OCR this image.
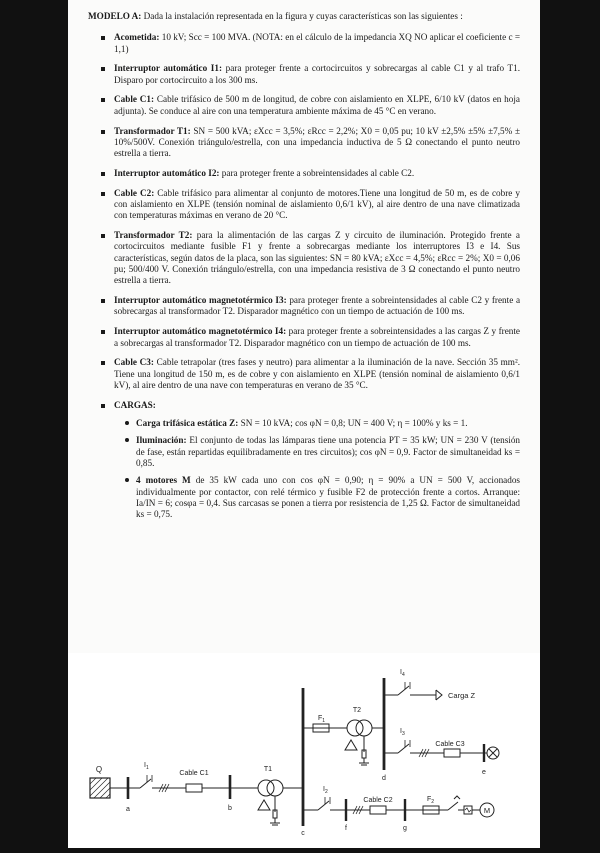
MODELO A: Dada la instalación representada en la figura y cuyas características son las siguientes :

Acometida: 10 kV; Scc = 100 MVA. (NOTA: en el cálculo de la impedancia XQ NO aplicar el coeficiente c = 1,1)
Interruptor automático I1: para proteger frente a cortocircuitos y sobrecargas al cable C1 y al trafo T1. Disparo por cortocircuito a los 300 ms.
Cable C1: Cable trifásico de 500 m de longitud, de cobre con aislamiento en XLPE, 6/10 kV (datos en hoja adjunta). Se conduce al aire con una temperatura ambiente máxima de 45 °C en verano.
Transformador T1: SN = 500 kVA; εXcc = 3,5%; εRcc = 2,2%; X0 = 0,05 pu; 10 kV ±2,5% ±5% ±7,5% ± 10%/500V. Conexión triángulo/estrella, con una impedancia inductiva de 5 Ω conectando el punto neutro estrella a tierra.
Interruptor automático I2: para proteger frente a sobreintensidades al cable C2.
Cable C2: Cable trifásico para alimentar al conjunto de motores.Tiene una longitud de 50 m, es de cobre y con aislamiento en XLPE (tensión nominal de aislamiento 0,6/1 kV), al aire dentro de una nave climatizada con temperaturas máximas en verano de 20 °C.
Transformador T2: para la alimentación de las cargas Z y circuito de iluminación. Protegido frente a cortocircuitos mediante fusible F1 y frente a sobrecargas mediante los interruptores I3 e I4. Sus características, según datos de la placa, son las siguientes: SN = 80 kVA; εXcc = 4,5%; εRcc = 2%; X0 = 0,06 pu; 500/400 V. Conexión triángulo/estrella, con una impedancia resistiva de 3 Ω conectando el punto neutro estrella a tierra.
Interruptor automático magnetotérmico I3: para proteger frente a sobreintensidades al cable C2 y frente a sobrecargas al transformador T2. Disparador magnético con un tiempo de actuación de 100 ms.
Interruptor automático magnetotérmico I4: para proteger frente a sobreintensidades a las cargas Z y frente a sobrecargas al transformador T2. Disparador magnético con un tiempo de actuación de 100 ms.
Cable C3: Cable tetrapolar (tres fases y neutro) para alimentar a la iluminación de la nave. Sección 35 mm². Tiene una longitud de 150 m, es de cobre y con aislamiento en XLPE (tensión nominal de aislamiento 0,6/1 kV), al aire dentro de una nave con temperaturas en verano de 35 °C.
CARGAS:
Carga trifásica estática Z: SN = 10 kVA; cos φN = 0,8; UN = 400 V; η = 100% y ks = 1.
Iluminación: El conjunto de todas las lámparas tiene una potencia PT = 35 kW; UN = 230 V (tensión de fase, están repartidas equilibradamente en tres circuitos); cos φN = 0,9. Factor de simultaneidad ks = 0,85.
4 motores M de 35 kW cada uno con cos φN = 0,90; η = 90% a UN = 500 V, accionados individualmente por contactor, con relé térmico y fusible F2 de protección frente a cortos. Arranque: Ia/IN = 6; cosφa = 0,4. Sus carcasas se ponen a tierra por resistencia de 1,25 Ω. Factor de simultaneidad ks = 0,75.
Q
a
$I_1$
Cable C1
b
T1
c
$F_1$
T2
d
$I_4$
Carga Z
$I_3$
Cable C3
e
$I_2$
f
Cable C2
g
$F_2$
M
